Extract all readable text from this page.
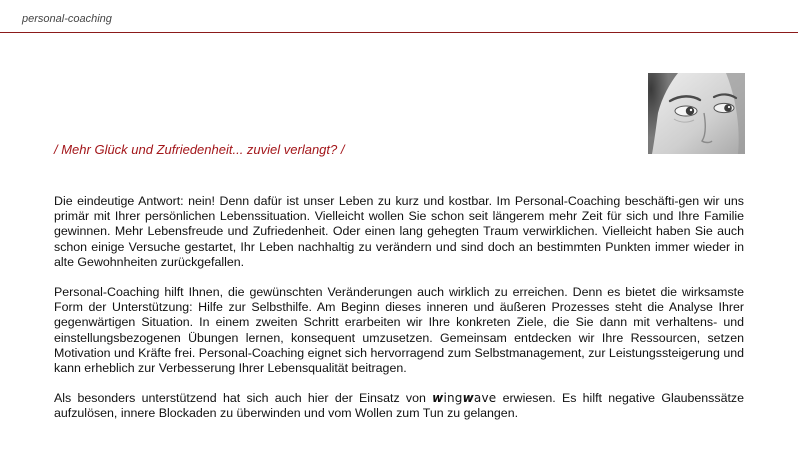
personal-coaching
/ Mehr Glück und Zufriedenheit... zuviel verlangt? /

Die eindeutige Antwort: nein! Denn dafür ist unser Leben zu kurz und kostbar. Im Personal-Coaching beschäfti-gen wir uns primär mit Ihrer persönlichen Lebenssituation. Vielleicht wollen Sie schon seit längerem mehr Zeit für sich und Ihre Familie gewinnen. Mehr Lebensfreude und Zufriedenheit. Oder einen lang gehegten Traum verwirklichen. Vielleicht haben Sie auch schon einige Versuche gestartet, Ihr Leben nachhaltig zu verändern und sind doch an bestimmten Punkten immer wieder in alte Gewohnheiten zurückgefallen.

Personal-Coaching hilft Ihnen, die gewünschten Veränderungen auch wirklich zu erreichen. Denn es bietet die wirksamste Form der Unterstützung: Hilfe zur Selbsthilfe. Am Beginn dieses inneren und äußeren Prozesses steht die Analyse Ihrer gegenwärtigen Situation. In einem zweiten Schritt erarbeiten wir Ihre konkreten Ziele, die Sie dann mit verhaltens- und einstellungsbezogenen Übungen lernen, konsequent umzusetzen. Gemeinsam entdecken wir Ihre Ressourcen, setzen Motivation und Kräfte frei. Personal-Coaching eignet sich hervorragend zum Selbstmanagement, zur Leistungssteigerung und kann erheblich zur Verbesserung Ihrer Lebensqualität beitragen.

Als besonders unterstützend hat sich auch hier der Einsatz von wingwave erwiesen. Es hilft negative Glaubenssätze aufzulösen, innere Blockaden zu überwinden und vom Wollen zum Tun zu gelangen.
